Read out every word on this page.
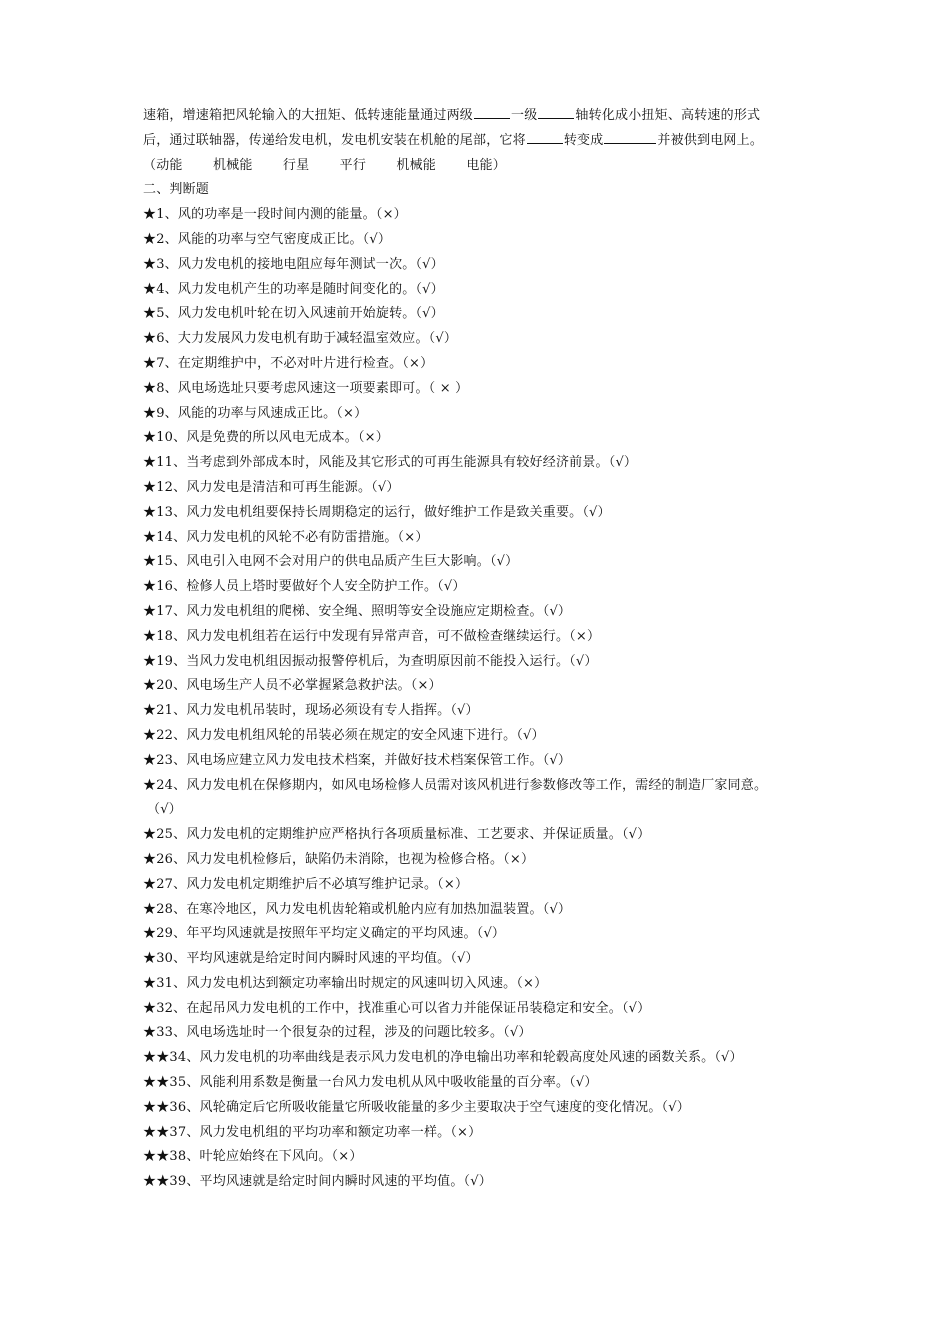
速箱，增速箱把风轮输入的大扭矩、低转速能量通过两级	一级	轴转化成小扭矩、高转速的形式
后，通过联轴器，传递给发电机，发电机安装在机舱的尾部，它将	转变成	并被供到电网上。
（动能 机械能 行星 平行 机械能 电能）
二、判断题
★1、风的功率是一段时间内测的能量。（×）
★2、风能的功率与空气密度成正比。（√）
★3、风力发电机的接地电阻应每年测试一次。（√）
★4、风力发电机产生的功率是随时间变化的。（√）
★5、风力发电机叶轮在切入风速前开始旋转。（√）
★6、大力发展风力发电机有助于减轻温室效应。（√）
★7、在定期维护中，不必对叶片进行检查。（×）
★8、风电场选址只要考虑风速这一项要素即可。（ × ）
★9、风能的功率与风速成正比。（×）
★10、风是免费的所以风电无成本。（×）
★11、当考虑到外部成本时，风能及其它形式的可再生能源具有较好经济前景。（√）
★12、风力发电是清洁和可再生能源。（√）
★13、风力发电机组要保持长周期稳定的运行，做好维护工作是致关重要。（√）
★14、风力发电机的风轮不必有防雷措施。（×）
★15、风电引入电网不会对用户的供电品质产生巨大影响。（√）
★16、检修人员上塔时要做好个人安全防护工作。（√）
★17、风力发电机组的爬梯、安全绳、照明等安全设施应定期检查。（√）
★18、风力发电机组若在运行中发现有异常声音，可不做检查继续运行。（×）
★19、当风力发电机组因振动报警停机后，为查明原因前不能投入运行。（√）
★20、风电场生产人员不必掌握紧急救护法。（×）
★21、风力发电机吊装时，现场必须设有专人指挥。（√）
★22、风力发电机组风轮的吊装必须在规定的安全风速下进行。（√）
★23、风电场应建立风力发电技术档案，并做好技术档案保管工作。（√）
★24、风力发电机在保修期内，如风电场检修人员需对该风机进行参数修改等工作，需经的制造厂家同意。
（√）
★25、风力发电机的定期维护应严格执行各项质量标准、工艺要求、并保证质量。（√）
★26、风力发电机检修后，缺陷仍未消除，也视为检修合格。（×）
★27、风力发电机定期维护后不必填写维护记录。（×）
★28、在寒冷地区，风力发电机齿轮箱或机舱内应有加热加温装置。（√）
★29、年平均风速就是按照年平均定义确定的平均风速。（√）
★30、平均风速就是给定时间内瞬时风速的平均值。（√）
★31、风力发电机达到额定功率输出时规定的风速叫切入风速。（×）
★32、在起吊风力发电机的工作中，找准重心可以省力并能保证吊装稳定和安全。（√）
★33、风电场选址时一个很复杂的过程，涉及的问题比较多。（√）
★★34、风力发电机的功率曲线是表示风力发电机的净电输出功率和轮毂高度处风速的函数关系。（√）
★★35、风能利用系数是衡量一台风力发电机从风中吸收能量的百分率。（√）
★★36、风轮确定后它所吸收能量它所吸收能量的多少主要取决于空气速度的变化情况。（√）
★★37、风力发电机组的平均功率和额定功率一样。（×）
★★38、叶轮应始终在下风向。（×）
★★39、平均风速就是给定时间内瞬时风速的平均值。（√）
